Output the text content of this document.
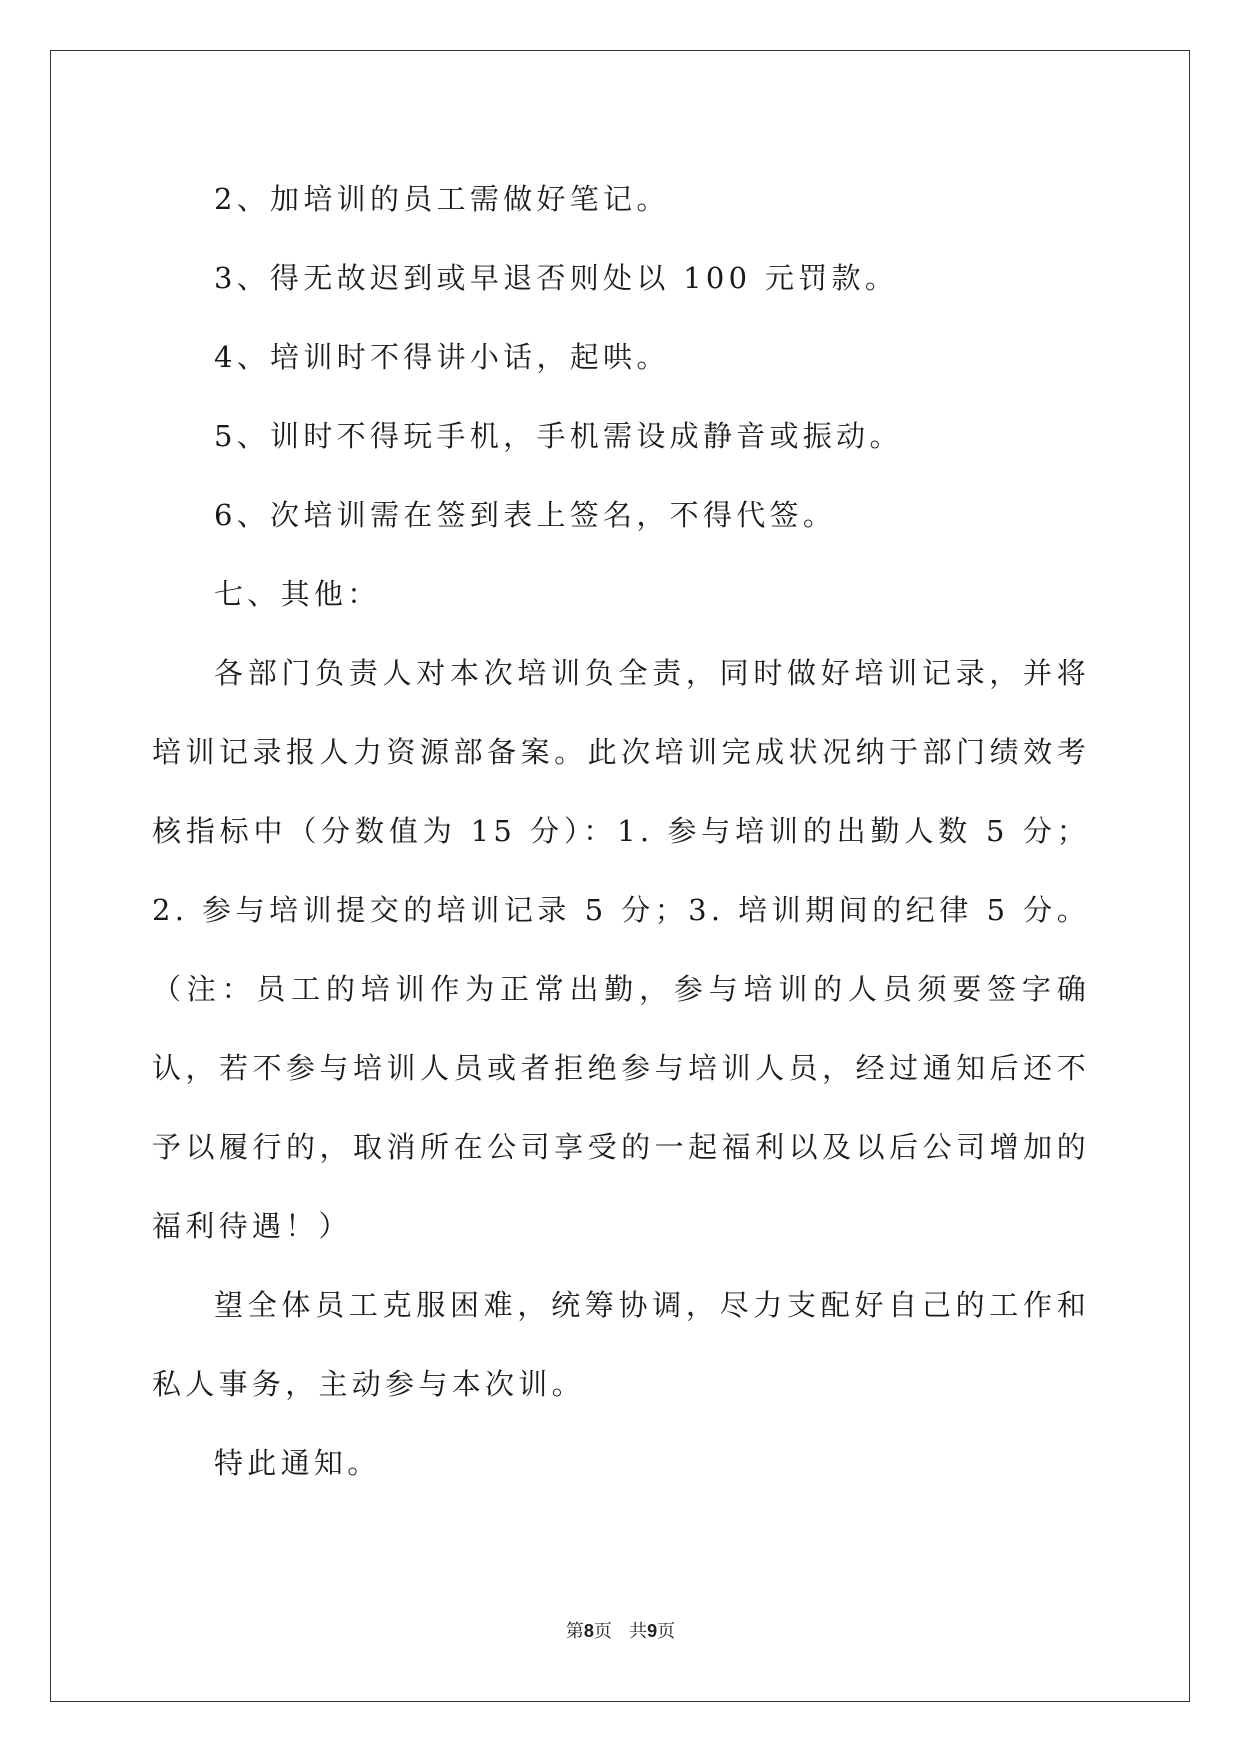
2、加培训的员工需做好笔记。

3、得无故迟到或早退否则处以 100 元罚款。

4、培训时不得讲小话，起哄。

5、训时不得玩手机，手机需设成静音或振动。

6、次培训需在签到表上签名，不得代签。

七、其他：

各部门负责人对本次培训负全责，同时做好培训记录，并将培训记录报人力资源部备案。此次培训完成状况纳于部门绩效考核指标中（分数值为 15 分）：1. 参与培训的出勤人数 5 分；2. 参与培训提交的培训记录 5 分；3. 培训期间的纪律 5 分。（注：员工的培训作为正常出勤，参与培训的人员须要签字确认，若不参与培训人员或者拒绝参与培训人员，经过通知后还不予以履行的，取消所在公司享受的一起福利以及以后公司增加的福利待遇！）

望全体员工克服困难，统筹协调，尽力支配好自己的工作和私人事务，主动参与本次训。

特此通知。

第8页   共9页
